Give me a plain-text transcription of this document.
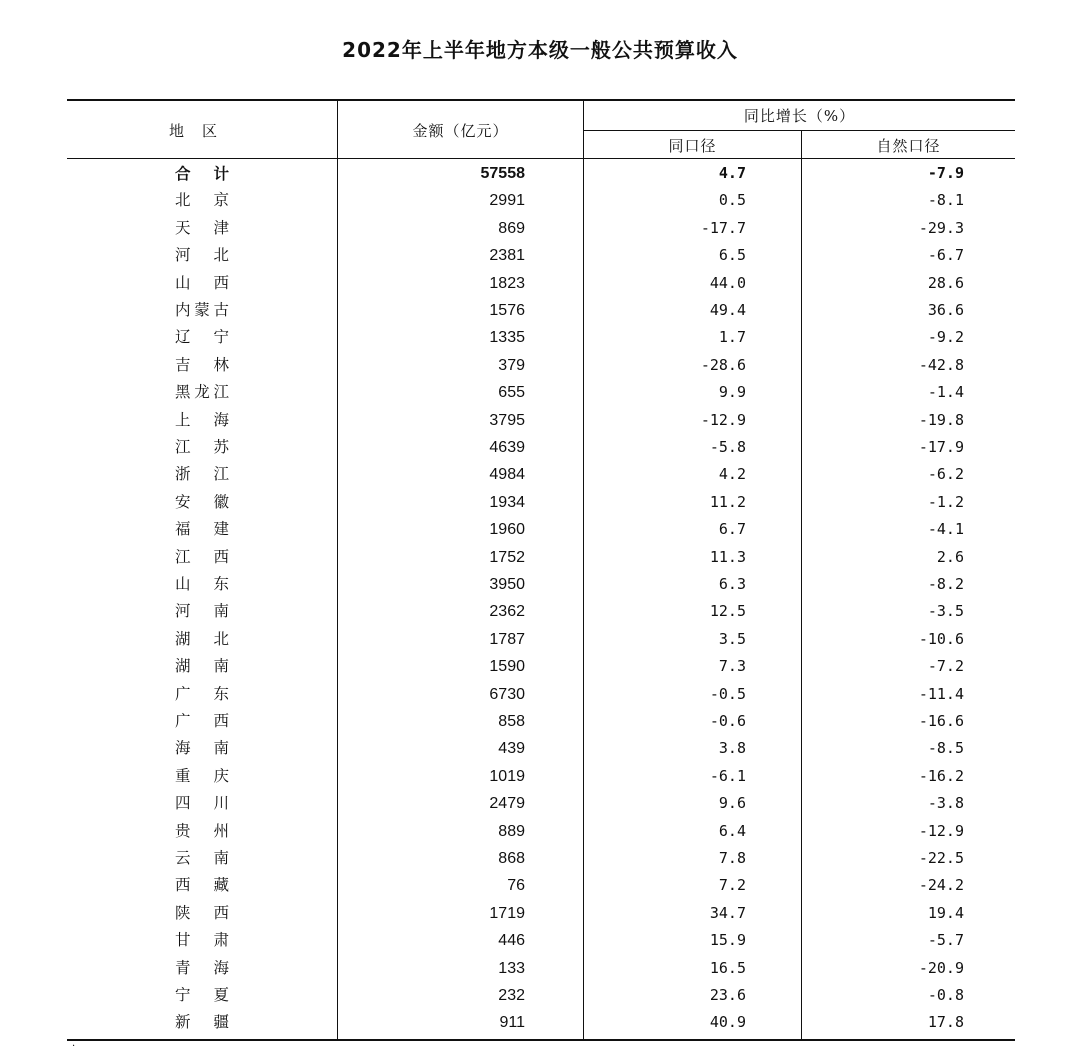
2022年上半年地方本级一般公共预算收入
地区	金额（亿元）
同比增长（%）
同口径	自然口径
合计	57558	4.7	-7.9
北京	2991	0.5	-8.1
天津	869	-17.7	-29.3
河北	2381	6.5	-6.7
山西	1823	44.0	28.6
内蒙古	1576	49.4	36.6
辽宁	1335	1.7	-9.2
吉林	379	-28.6	-42.8
黑龙江	655	9.9	-1.4
上海	3795	-12.9	-19.8
江苏	4639	-5.8	-17.9
浙江	4984	4.2	-6.2
安徽	1934	11.2	-1.2
福建	1960	6.7	-4.1
江西	1752	11.3	2.6
山东	3950	6.3	-8.2
河南	2362	12.5	-3.5
湖北	1787	3.5	-10.6
湖南	1590	7.3	-7.2
广东	6730	-0.5	-11.4
广西	858	-0.6	-16.6
海南	439	3.8	-8.5
重庆	1019	-6.1	-16.2
四川	2479	9.6	-3.8
贵州	889	6.4	-12.9
云南	868	7.8	-22.5
西藏	76	7.2	-24.2
陕西	1719	34.7	19.4
甘肃	446	15.9	-5.7
青海	133	16.5	-20.9
宁夏	232	23.6	-0.8
新疆	911	40.9	17.8
·
